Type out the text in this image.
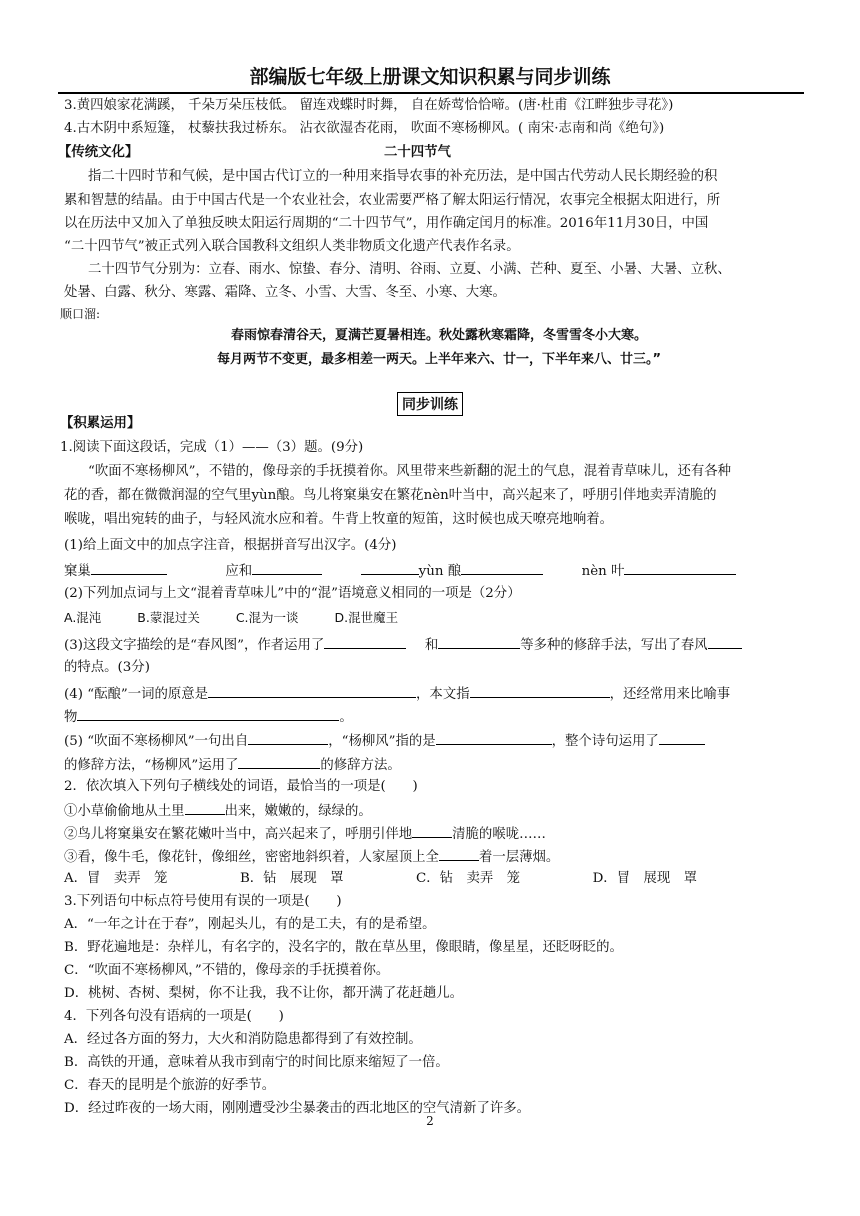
部编版七年级上册课文知识积累与同步训练
3.黄四娘家花满蹊， 千朵万朵压枝低。 留连戏蝶时时舞， 自在娇莺恰恰啼。(唐·杜甫《江畔独步寻花》)
4.古木阴中系短篷， 杖藜扶我过桥东。 沾衣欲湿杏花雨， 吹面不寒杨柳风。( 南宋·志南和尚《绝句》)
【传统文化】	二十四节气
指二十四时节和气候，是中国古代订立的一种用来指导农事的补充历法，是中国古代劳动人民长期经验的积
累和智慧的结晶。由于中国古代是一个农业社会，农业需要严格了解太阳运行情况，农事完全根据太阳进行，所
以在历法中又加入了单独反映太阳运行周期的“二十四节气”，用作确定闰月的标准。2016年11月30日，中国
“二十四节气”被正式列入联合国教科文组织人类非物质文化遗产代表作名录。
二十四节气分别为：立春、雨水、惊蛰、春分、清明、谷雨、立夏、小满、芒种、夏至、小暑、大暑、立秋、
处暑、白露、秋分、寒露、霜降、立冬、小雪、大雪、冬至、小寒、大寒。
顺口溜:
春雨惊春清谷天，夏满芒夏暑相连。秋处露秋寒霜降，冬雪雪冬小大寒。
每月两节不变更，最多相差一两天。上半年来六、廿一，下半年来八、廿三。”
同步训练
【积累运用】
1.阅读下面这段话，完成（1）——（3）题。(9分)
“吹面不寒杨柳风”，不错的，像母亲的手抚摸着你。风里带来些新翻的泥土的气息，混着青草味儿，还有各种
花的香，都在微微润湿的空气里yùn酿。鸟儿将窠巢安在繁花nèn叶当中，高兴起来了，呼朋引伴地卖弄清脆的
喉咙，唱出宛转的曲子，与轻风流水应和着。牛背上牧童的短笛，这时候也成天嘹亮地响着。
(1)给上面文中的加点字注音，根据拼音写出汉字。(4分)
窠巢	应和	yùn 酿	nèn 叶
(2)下列加点词与上文“混着青草味儿”中的“混”语境意义相同的一项是（2分）
A.混沌	B.蒙混过关	C.混为一谈	D.混世魔王
(3)这段文字描绘的是“春风图”，作者运用了	和	等多种的修辞手法，写出了春风
的特点。(3分)
(4) “酝酿”一词的原意是	，本文指	，还经常用来比喻事
物	。
(5) “吹面不寒杨柳风”一句出自	，“杨柳风”指的是	，整个诗句运用了
的修辞方法，“杨柳风”运用了	的修辞方法。
2．依次填入下列句子横线处的词语，最恰当的一项是(　　)
①小草偷偷地从土里	出来，嫩嫩的，绿绿的。
②鸟儿将窠巢安在繁花嫩叶当中，高兴起来了，呼朋引伴地	清脆的喉咙……
③看，像牛毛，像花针，像细丝，密密地斜织着，人家屋顶上全	着一层薄烟。
A．冒　卖弄　笼	B．钻　展现　罩	C．钻　卖弄　笼	D．冒　展现　罩
3.下列语句中标点符号使用有误的一项是(　　)
A．“一年之计在于春”，刚起头儿，有的是工夫，有的是希望。
B．野花遍地是：杂样儿，有名字的，没名字的，散在草丛里，像眼睛，像星星，还眨呀眨的。
C．“吹面不寒杨柳风，”不错的，像母亲的手抚摸着你。
D．桃树、杏树、梨树，你不让我，我不让你，都开满了花赶趟儿。
4．下列各句没有语病的一项是(　　)
A．经过各方面的努力，大火和消防隐患都得到了有效控制。
B．高铁的开通，意味着从我市到南宁的时间比原来缩短了一倍。
C．春天的昆明是个旅游的好季节。
D．经过昨夜的一场大雨，刚刚遭受沙尘暴袭击的西北地区的空气清新了许多。
2
